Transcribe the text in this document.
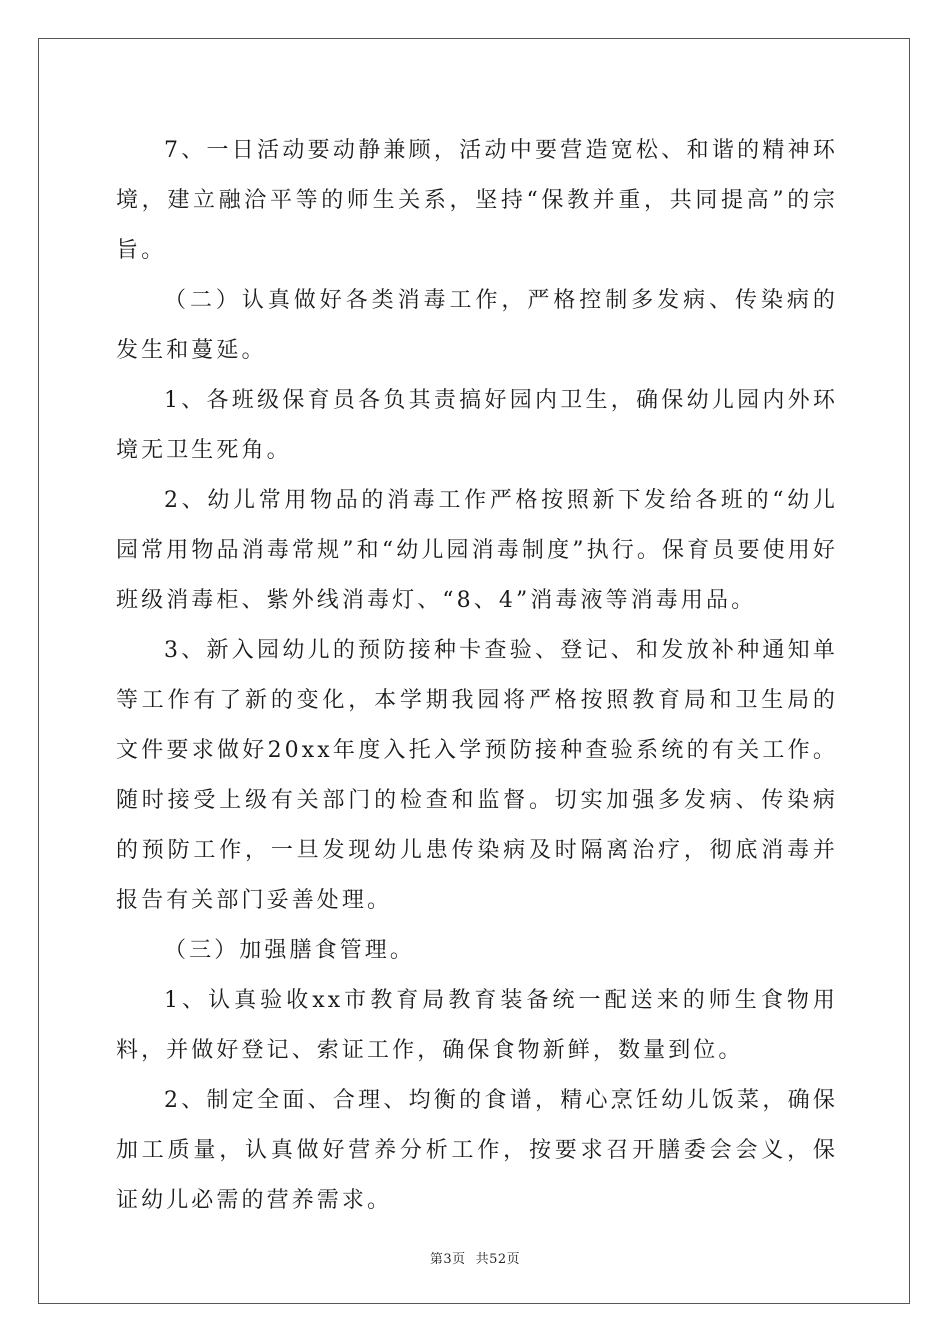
7、一日活动要动静兼顾，活动中要营造宽松、和谐的精神环境，建立融洽平等的师生关系，坚持“保教并重，共同提高”的宗旨。

（二）认真做好各类消毒工作，严格控制多发病、传染病的发生和蔓延。

1、各班级保育员各负其责搞好园内卫生，确保幼儿园内外环境无卫生死角。

2、幼儿常用物品的消毒工作严格按照新下发给各班的“幼儿园常用物品消毒常规”和“幼儿园消毒制度”执行。保育员要使用好班级消毒柜、紫外线消毒灯、“8、4”消毒液等消毒用品。

3、新入园幼儿的预防接种卡查验、登记、和发放补种通知单等工作有了新的变化，本学期我园将严格按照教育局和卫生局的文件要求做好20xx年度入托入学预防接种查验系统的有关工作。随时接受上级有关部门的检查和监督。切实加强多发病、传染病的预防工作，一旦发现幼儿患传染病及时隔离治疗，彻底消毒并报告有关部门妥善处理。

（三）加强膳食管理。

1、认真验收xx市教育局教育装备统一配送来的师生食物用料，并做好登记、索证工作，确保食物新鲜，数量到位。

2、制定全面、合理、均衡的食谱，精心烹饪幼儿饭菜，确保加工质量，认真做好营养分析工作，按要求召开膳委会会义，保证幼儿必需的营养需求。

第3页 共52页
